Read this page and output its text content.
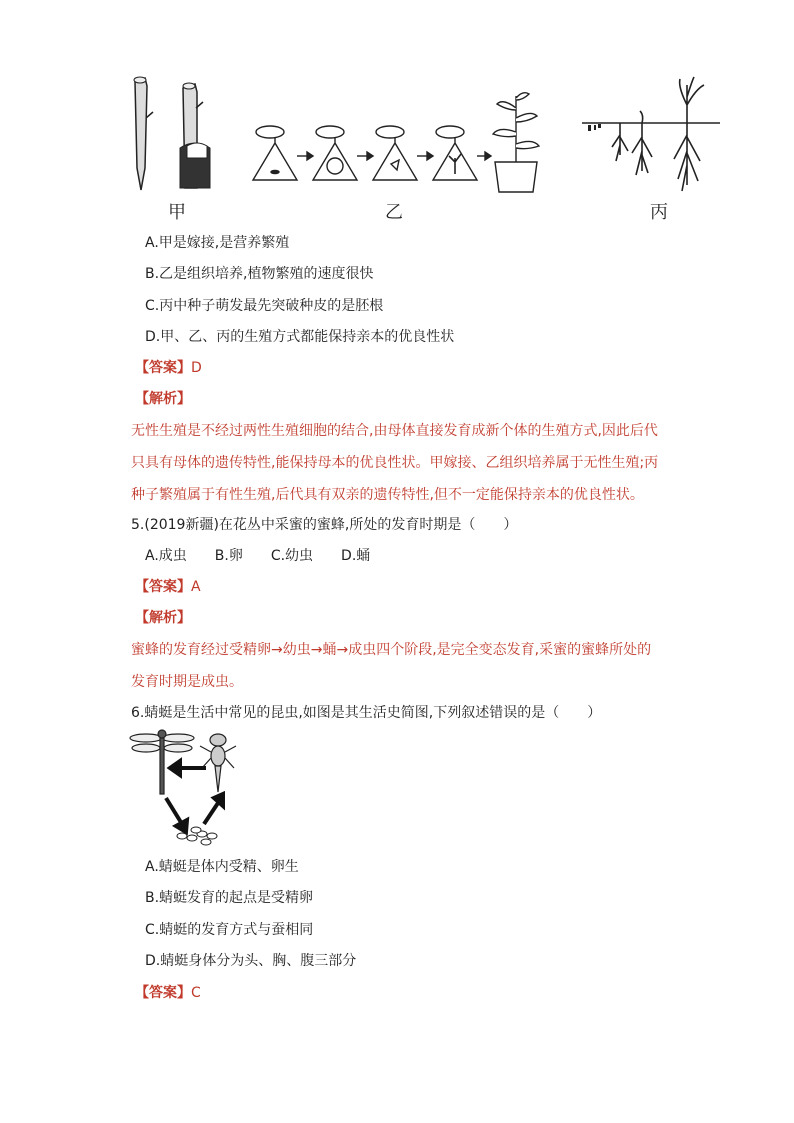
甲	乙	丙
A.甲是嫁接,是营养繁殖
B.乙是组织培养,植物繁殖的速度很快
C.丙中种子萌发最先突破种皮的是胚根
D.甲、乙、丙的生殖方式都能保持亲本的优良性状
【答案】D
【解析】
无性生殖是不经过两性生殖细胞的结合,由母体直接发育成新个体的生殖方式,因此后代
只具有母体的遗传特性,能保持母本的优良性状。甲嫁接、乙组织培养属于无性生殖;丙
种子繁殖属于有性生殖,后代具有双亲的遗传特性,但不一定能保持亲本的优良性状。
5.(2019新疆)在花丛中采蜜的蜜蜂,所处的发育时期是（　　）
A.成虫　　B.卵　　C.幼虫　　D.蛹
【答案】A
【解析】
蜜蜂的发育经过受精卵→幼虫→蛹→成虫四个阶段,是完全变态发育,采蜜的蜜蜂所处的
发育时期是成虫。
6.蜻蜓是生活中常见的昆虫,如图是其生活史简图,下列叙述错误的是（　　）
A.蜻蜓是体内受精、卵生
B.蜻蜓发育的起点是受精卵
C.蜻蜓的发育方式与蚕相同
D.蜻蜓身体分为头、胸、腹三部分
【答案】C
